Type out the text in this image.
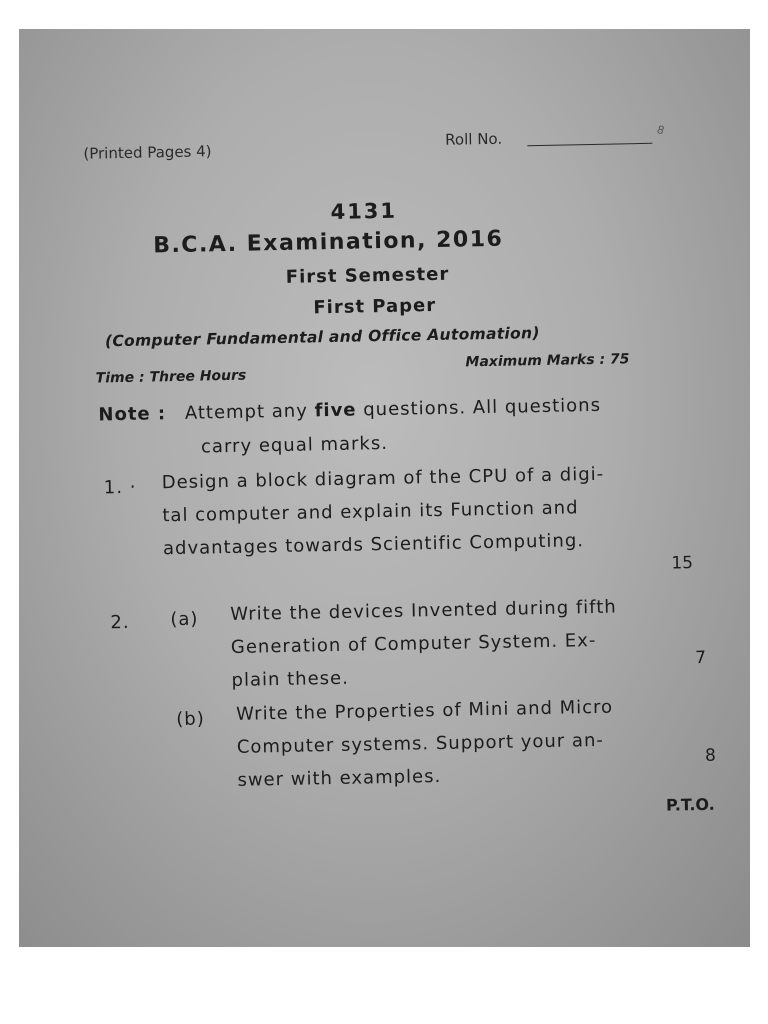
(Printed Pages 4)
Roll No.	8
4131
B.C.A. Examination, 2016
First Semester
First Paper
(Computer Fundamental and Office Automation)
Time : Three Hours
Maximum Marks : 75
Note : Attempt any five questions. All questions
carry equal marks.
1. · Design a block diagram of the CPU of a digi-
tal computer and explain its Function and
advantages towards Scientific Computing.
15
2. (a) Write the devices Invented during fifth
Generation of Computer System. Ex-
plain these.
7
(b) Write the Properties of Mini and Micro
Computer systems. Support your an-
swer with examples.
8
P.T.O.
